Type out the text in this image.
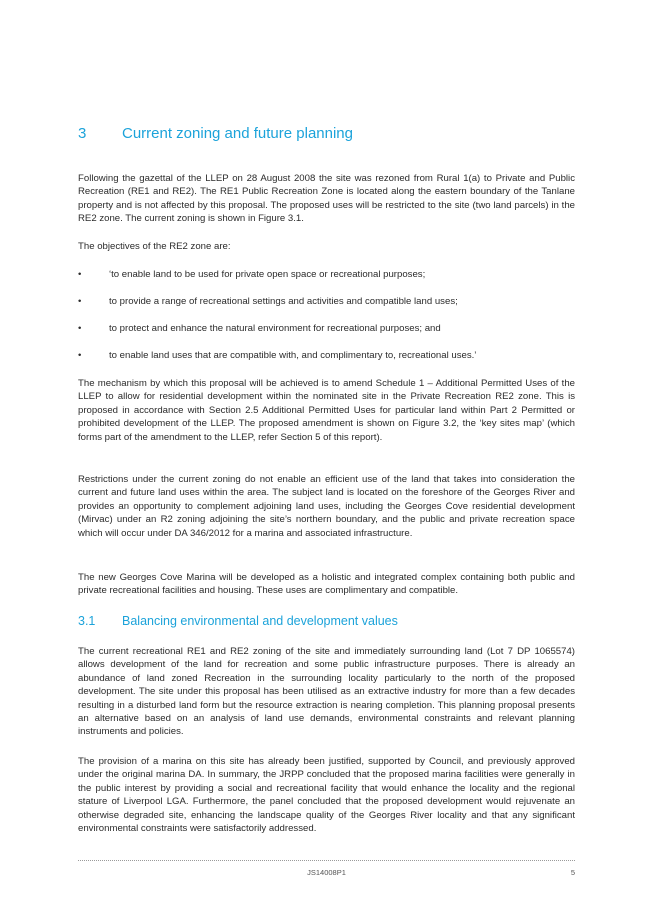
3	Current zoning and future planning

Following the gazettal of the LLEP on 28 August 2008 the site was rezoned from Rural 1(a) to Private and Public Recreation (RE1 and RE2). The RE1 Public Recreation Zone is located along the eastern boundary of the Tanlane property and is not affected by this proposal. The proposed uses will be restricted to the site (two land parcels) in the RE2 zone. The current zoning is shown in Figure 3.1.

The objectives of the RE2 zone are:

•	‘to enable land to be used for private open space or recreational purposes;
•	to provide a range of recreational settings and activities and compatible land uses;
•	to protect and enhance the natural environment for recreational purposes; and
•	to enable land uses that are compatible with, and complimentary to, recreational uses.’

The mechanism by which this proposal will be achieved is to amend Schedule 1 – Additional Permitted Uses of the LLEP to allow for residential development within the nominated site in the Private Recreation RE2 zone. This is proposed in accordance with Section 2.5 Additional Permitted Uses for particular land within Part 2 Permitted or prohibited development of the LLEP. The proposed amendment is shown on Figure 3.2, the ‘key sites map’ (which forms part of the amendment to the LLEP, refer Section 5 of this report).

Restrictions under the current zoning do not enable an efficient use of the land that takes into consideration the current and future land uses within the area. The subject land is located on the foreshore of the Georges River and provides an opportunity to complement adjoining land uses, including the Georges Cove residential development (Mirvac) under an R2 zoning adjoining the site’s northern boundary, and the public and private recreation space which will occur under DA 346/2012 for a marina and associated infrastructure.

The new Georges Cove Marina will be developed as a holistic and integrated complex containing both public and private recreational facilities and housing. These uses are complimentary and compatible.

3.1	Balancing environmental and development values

The current recreational RE1 and RE2 zoning of the site and immediately surrounding land (Lot 7 DP 1065574) allows development of the land for recreation and some public infrastructure purposes. There is already an abundance of land zoned Recreation in the surrounding locality particularly to the north of the proposed development. The site under this proposal has been utilised as an extractive industry for more than a few decades resulting in a disturbed land form but the resource extraction is nearing completion. This planning proposal presents an alternative based on an analysis of land use demands, environmental constraints and relevant planning instruments and policies.

The provision of a marina on this site has already been justified, supported by Council, and previously approved under the original marina DA. In summary, the JRPP concluded that the proposed marina facilities were generally in the public interest by providing a social and recreational facility that would enhance the locality and the regional stature of Liverpool LGA. Furthermore, the panel concluded that the proposed development would rejuvenate an otherwise degraded site, enhancing the landscape quality of the Georges River locality and that any significant environmental constraints were satisfactorily addressed.

JS14008P1	5
